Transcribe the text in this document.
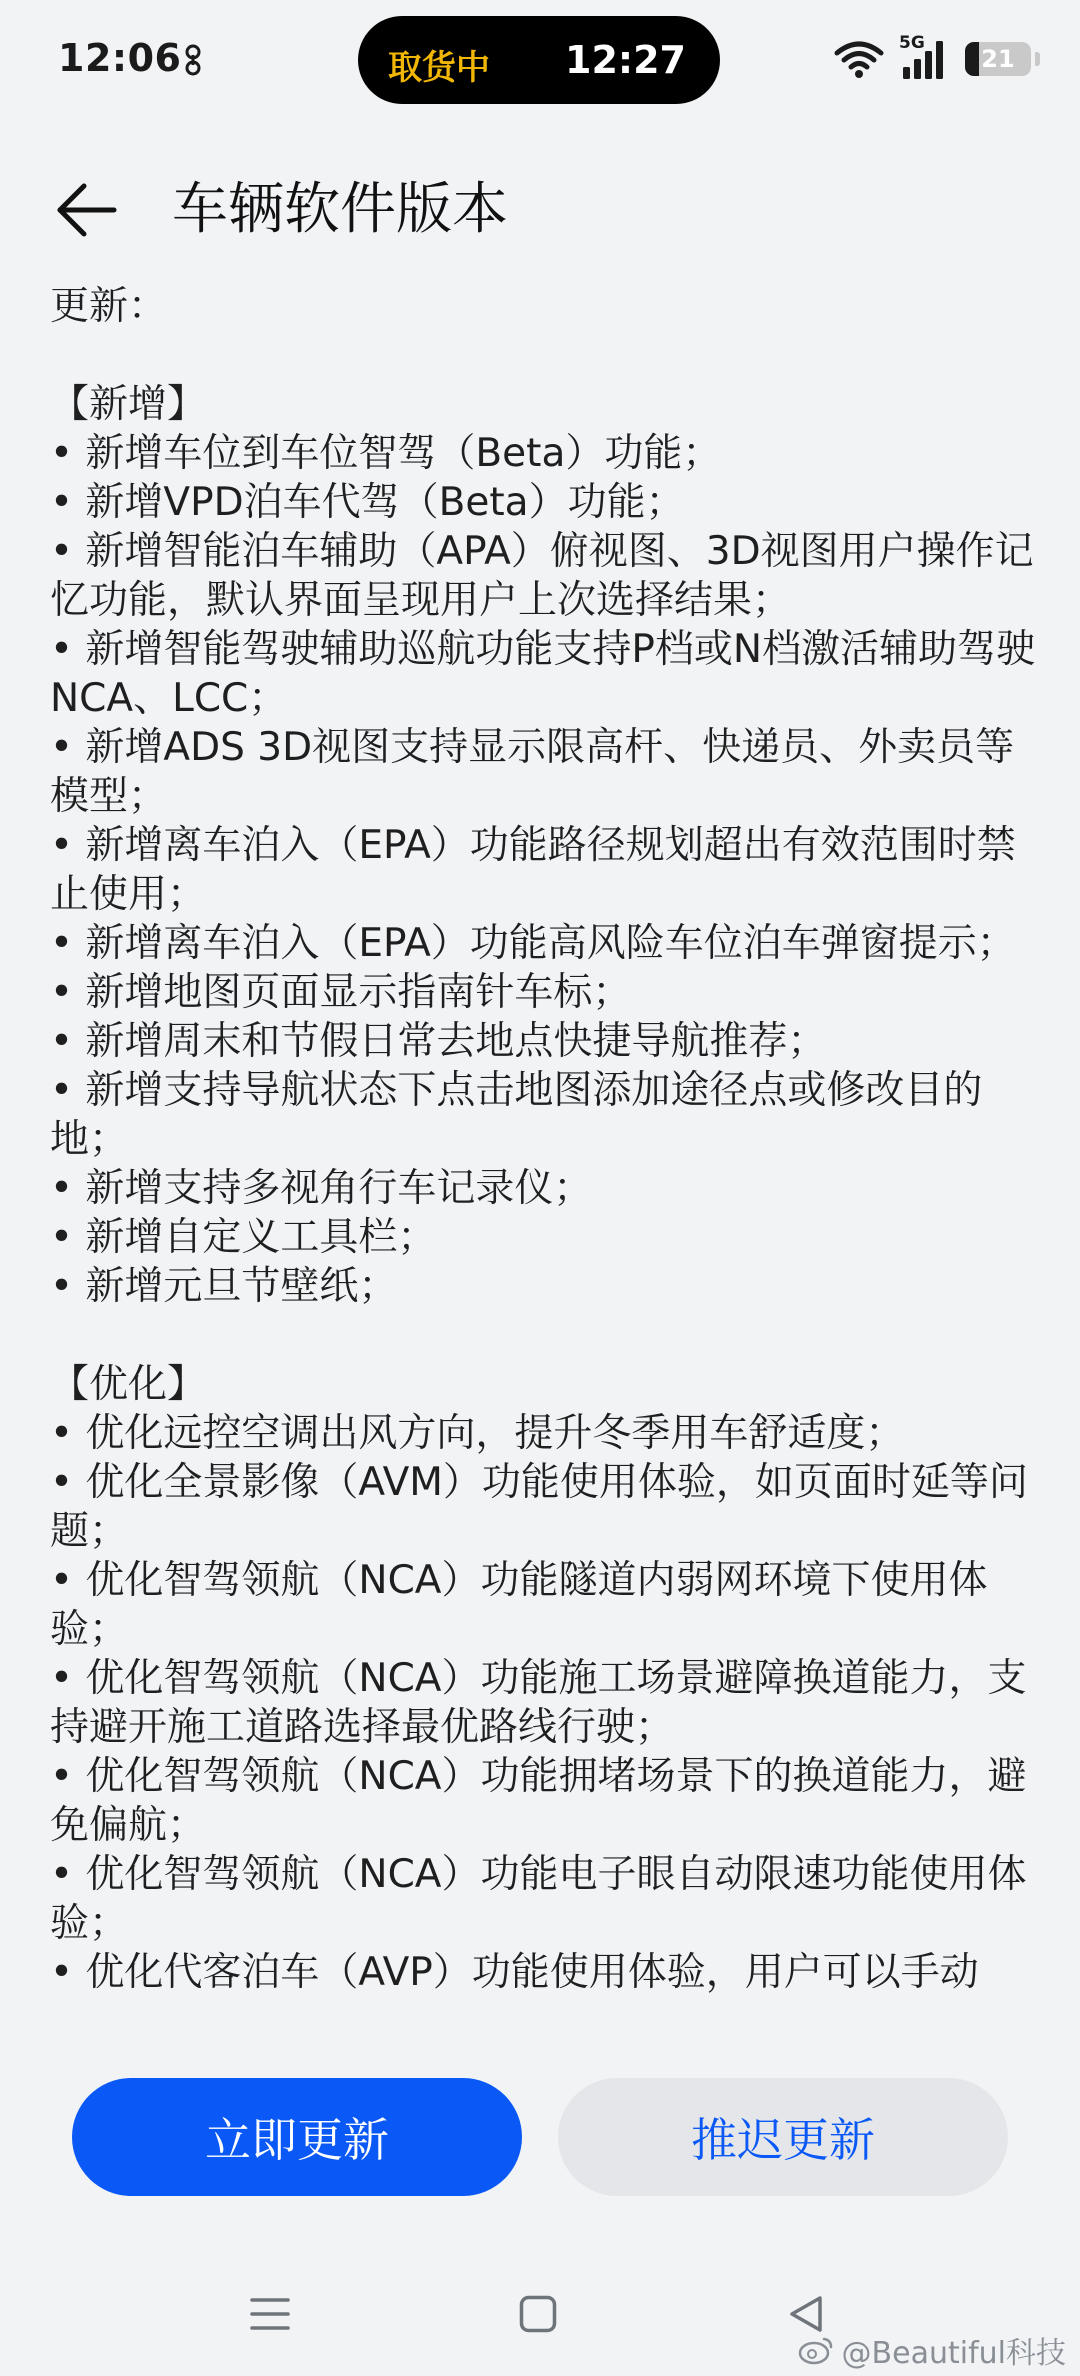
12:06	取货中 12:27	5G
21
车辆软件版本

更新：

【新增】

• 新增车位到车位智驾（Beta）功能；

• 新增VPD泊车代驾（Beta）功能；

• 新增智能泊车辅助（APA）俯视图、3D视图用户操作记忆功能，默认界面呈现用户上次选择结果；

• 新增智能驾驶辅助巡航功能支持P档或N档激活辅助驾驶NCA、LCC；

• 新增ADS 3D视图支持显示限高杆、快递员、外卖员等模型；

• 新增离车泊入（EPA）功能路径规划超出有效范围时禁止使用；

• 新增离车泊入（EPA）功能高风险车位泊车弹窗提示；

• 新增地图页面显示指南针车标；

• 新增周末和节假日常去地点快捷导航推荐；

• 新增支持导航状态下点击地图添加途径点或修改目的地；

• 新增支持多视角行车记录仪；

• 新增自定义工具栏；

• 新增元旦节壁纸；

【优化】

• 优化远控空调出风方向，提升冬季用车舒适度；

• 优化全景影像（AVM）功能使用体验，如页面时延等问题；

• 优化智驾领航（NCA）功能隧道内弱网环境下使用体验；

• 优化智驾领航（NCA）功能施工场景避障换道能力，支持避开施工道路选择最优路线行驶；

• 优化智驾领航（NCA）功能拥堵场景下的换道能力，避免偏航；

• 优化智驾领航（NCA）功能电子眼自动限速功能使用体验；

• 优化代客泊车（AVP）功能使用体验，用户可以手动

立即更新	推迟更新
@Beautiful科技
